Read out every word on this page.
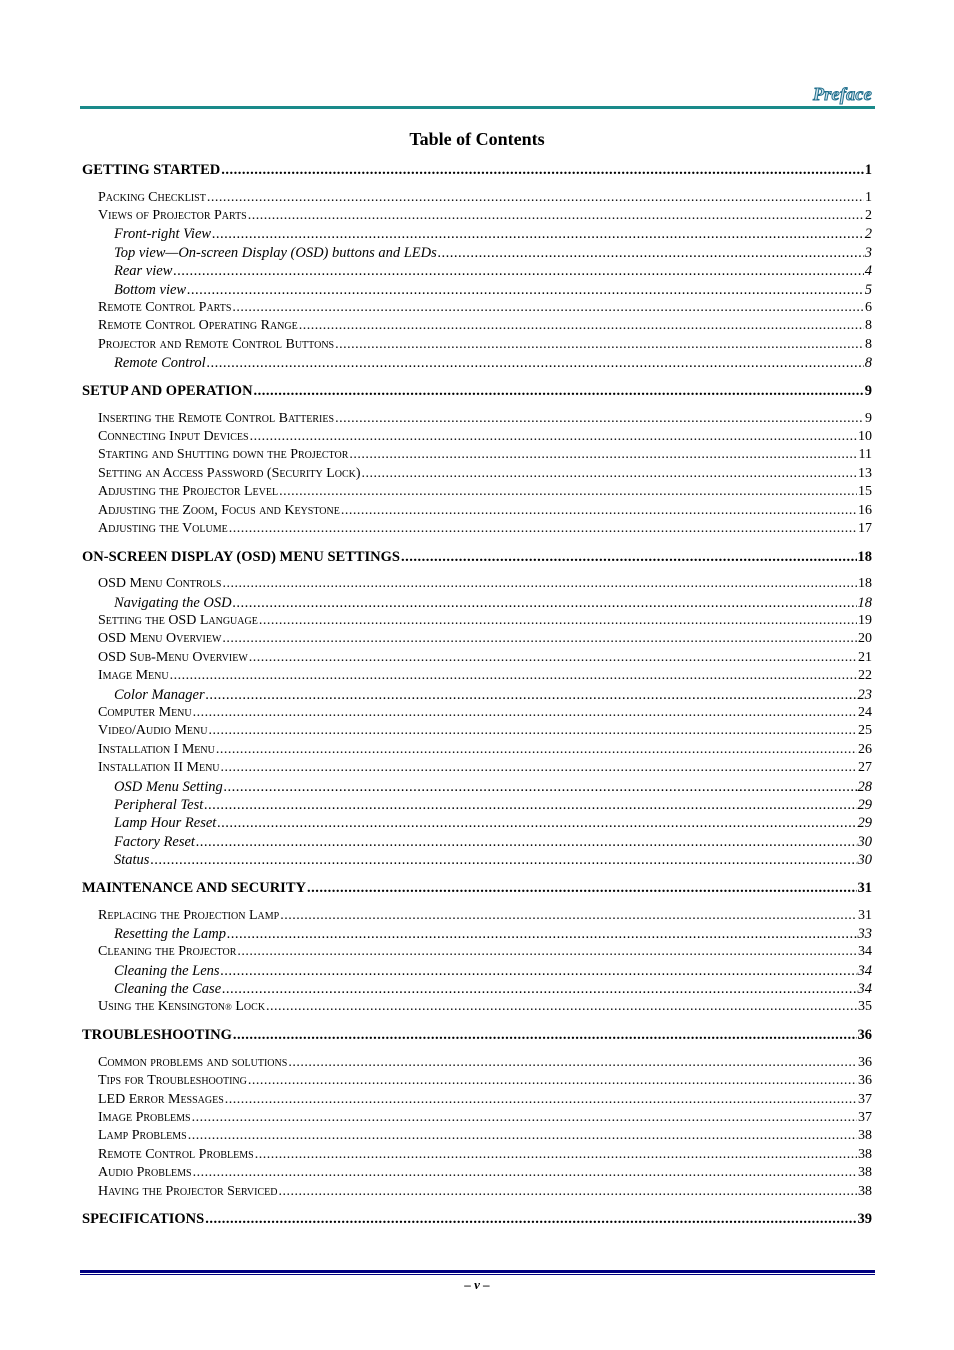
Preface
Table of Contents
GETTING STARTED .....	1
Packing Checklist .....	1
Views of Projector Parts .....	2
Front-right View .....	2
Top view—On-screen Display (OSD) buttons and LEDs .....	3
Rear view .....	4
Bottom view .....	5
Remote Control Parts .....	6
Remote Control Operating Range .....	8
Projector and Remote Control Buttons .....	8
Remote Control .....	8
SETUP AND OPERATION .....	9
Inserting the Remote Control Batteries .....	9
Connecting Input Devices .....	10
Starting and Shutting down the Projector .....	11
Setting an Access Password (Security Lock) .....	13
Adjusting the Projector Level .....	15
Adjusting the Zoom, Focus and Keystone .....	16
Adjusting the Volume .....	17
ON-SCREEN DISPLAY (OSD) MENU SETTINGS .....	18
OSD Menu Controls .....	18
Navigating the OSD .....	18
Setting the OSD Language .....	19
OSD Menu Overview .....	20
OSD Sub-Menu Overview .....	21
Image Menu .....	22
Color Manager .....	23
Computer Menu .....	24
Video/Audio Menu .....	25
Installation I Menu .....	26
Installation II Menu .....	27
OSD Menu Setting .....	28
Peripheral Test .....	29
Lamp Hour Reset .....	29
Factory Reset .....	30
Status .....	30
MAINTENANCE AND SECURITY .....	31
Replacing the Projection Lamp .....	31
Resetting the Lamp .....	33
Cleaning the Projector .....	34
Cleaning the Lens .....	34
Cleaning the Case .....	34
Using the Kensington ® Lock .....	35
TROUBLESHOOTING .....	36
Common problems and solutions .....	36
Tips for Troubleshooting .....	36
LED Error Messages .....	37
Image Problems .....	37
Lamp Problems .....	38
Remote Control Problems .....	38
Audio Problems .....	38
Having the Projector Serviced .....	38
SPECIFICATIONS .....	39
– v –
